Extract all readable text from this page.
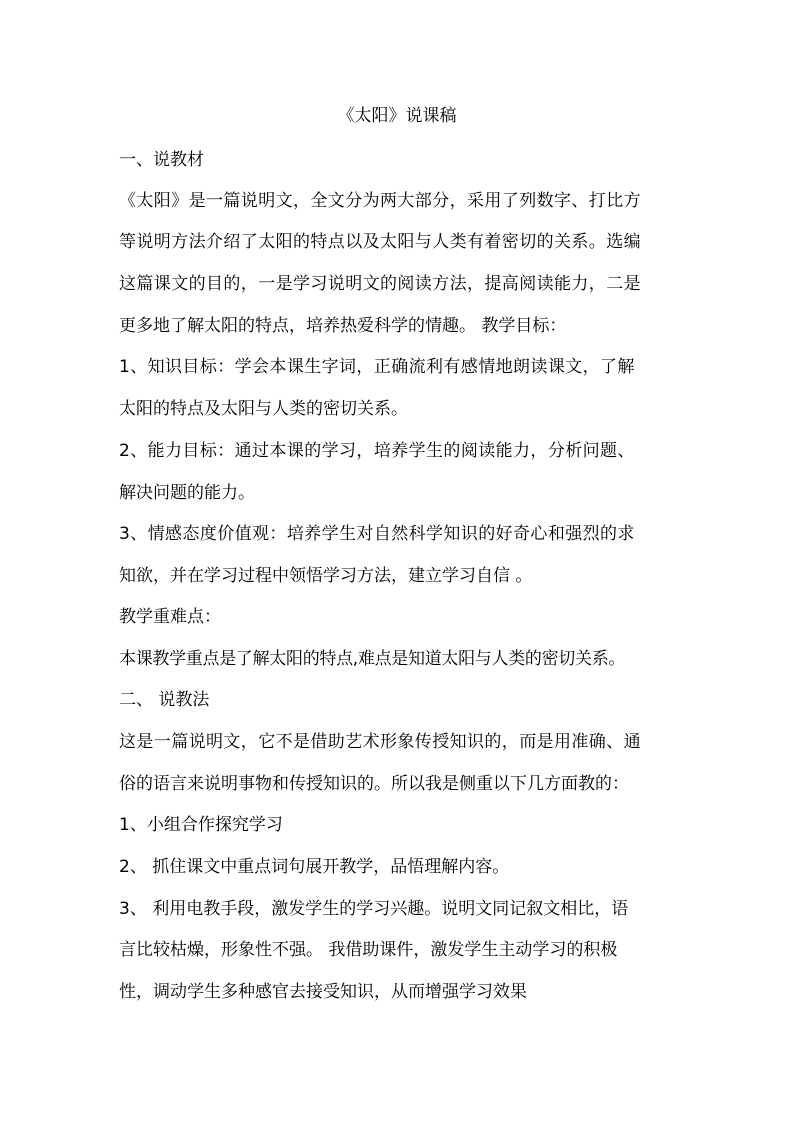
《太阳》说课稿
一、说教材
《太阳》是一篇说明文，全文分为两大部分，采用了列数字、打比方
等说明方法介绍了太阳的特点以及太阳与人类有着密切的关系。选编
这篇课文的目的，一是学习说明文的阅读方法，提高阅读能力，二是
更多地了解太阳的特点，培养热爱科学的情趣。 教学目标：
1、知识目标：学会本课生字词，正确流利有感情地朗读课文，了解
太阳的特点及太阳与人类的密切关系。
2、能力目标：通过本课的学习，培养学生的阅读能力，分析问题、
解决问题的能力。
3、情感态度价值观：培养学生对自然科学知识的好奇心和强烈的求
知欲，并在学习过程中领悟学习方法，建立学习自信 。
教学重难点：
本课教学重点是了解太阳的特点,难点是知道太阳与人类的密切关系。
二、 说教法
这是一篇说明文，它不是借助艺术形象传授知识的，而是用准确、通
俗的语言来说明事物和传授知识的。所以我是侧重以下几方面教的：
1、小组合作探究学习
2、 抓住课文中重点词句展开教学，品悟理解内容。
3、 利用电教手段，激发学生的学习兴趣。说明文同记叙文相比，语
言比较枯燥，形象性不强。 我借助课件，激发学生主动学习的积极
性，调动学生多种感官去接受知识，从而增强学习效果
